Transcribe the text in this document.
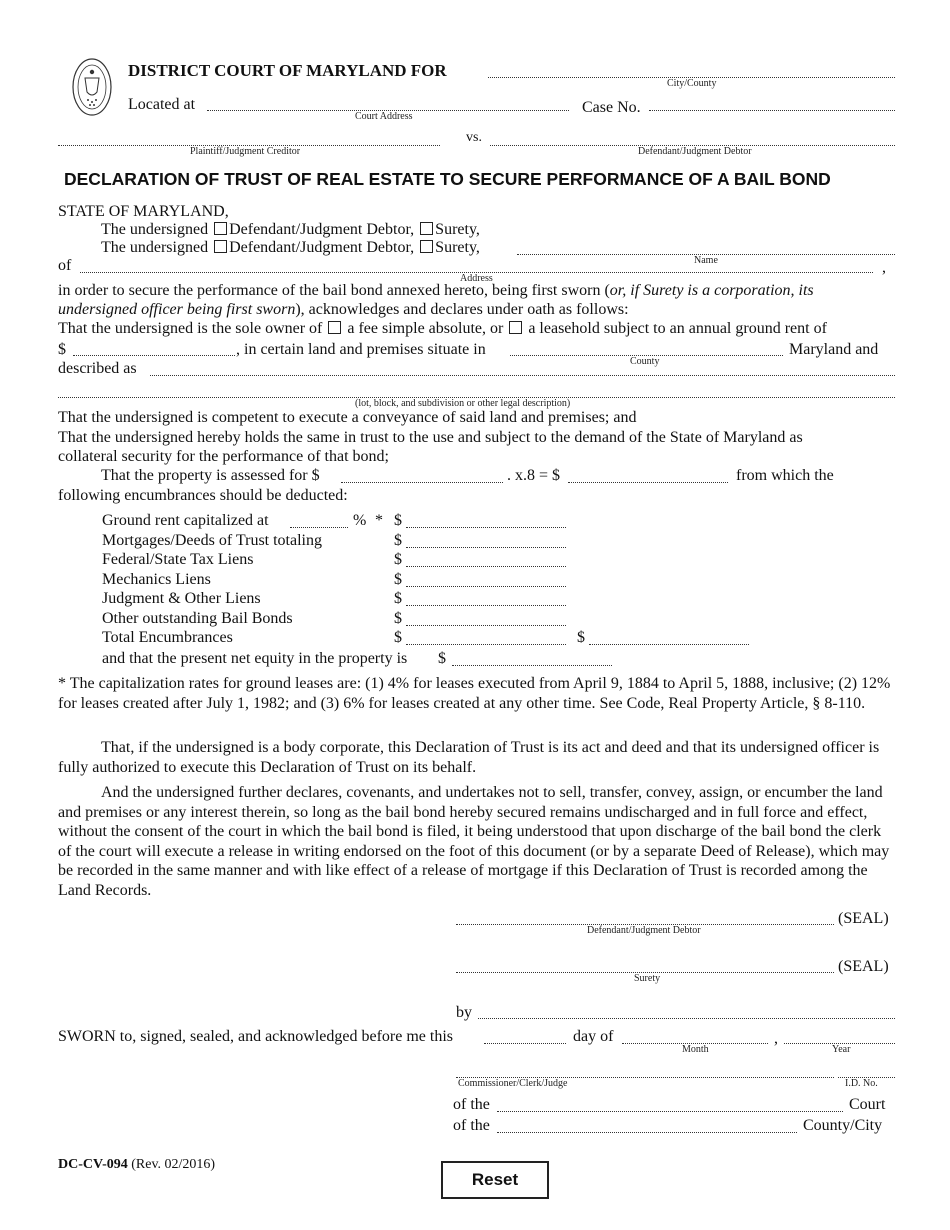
DISTRICT COURT OF MARYLAND FOR
City/County
Located at
Court Address
Case No.
vs.
Plaintiff/Judgment Creditor	Defendant/Judgment Debtor
DECLARATION OF TRUST OF REAL ESTATE TO SECURE PERFORMANCE OF A BAIL BOND
STATE OF MARYLAND,
The undersigned Defendant/Judgment Debtor, Surety,
The undersigned Defendant/Judgment Debtor, Surety,
Name
of	,
Address
in order to secure the performance of the bail bond annexed hereto, being first sworn (or, if Surety is a corporation, its
undersigned officer being first sworn), acknowledges and declares under oath as follows:
That the undersigned is the sole owner of a fee simple absolute, or a leasehold subject to an annual ground rent of
$	, in certain land and premises situate in
County
Maryland and
described as
(lot, block, and subdivision or other legal description)
That the undersigned is competent to execute a conveyance of said land and premises; and
That the undersigned hereby holds the same in trust to the use and subject to the demand of the State of Maryland as
collateral security for the performance of that bond;
That the property is assessed for $	. x.8 = $	from which the
following encumbrances should be deducted:
Ground rent capitalized at	% * $
Mortgages/Deeds of Trust totaling	$
Federal/State Tax Liens	$
Mechanics Liens	$
Judgment & Other Liens	$
Other outstanding Bail Bonds	$
Total Encumbrances	$	$
and that the present net equity in the property is $
* The capitalization rates for ground leases are: (1) 4% for leases executed from April 9, 1884 to April 5, 1888, inclusive; (2) 12% for leases created after July 1, 1982; and (3) 6% for leases created at any other time. See Code, Real Property Article, § 8-110.
That, if the undersigned is a body corporate, this Declaration of Trust is its act and deed and that its undersigned officer is fully authorized to execute this Declaration of Trust on its behalf.
And the undersigned further declares, covenants, and undertakes not to sell, transfer, convey, assign, or encumber the land and premises or any interest therein, so long as the bail bond hereby secured remains undischarged and in full force and effect, without the consent of the court in which the bail bond is filed, it being understood that upon discharge of the bail bond the clerk of the court will execute a release in writing endorsed on the foot of this document (or by a separate Deed of Release), which may be recorded in the same manner and with like effect of a release of mortgage if this Declaration of Trust is recorded among the Land Records.
(SEAL)
Defendant/Judgment Debtor
(SEAL)
Surety
by
SWORN to, signed, sealed, and acknowledged before me this	day of
Month
,
Year
Commissioner/Clerk/Judge	I.D. No.
of the	Court
of the	County/City
DC-CV-094 (Rev. 02/2016)
Reset
